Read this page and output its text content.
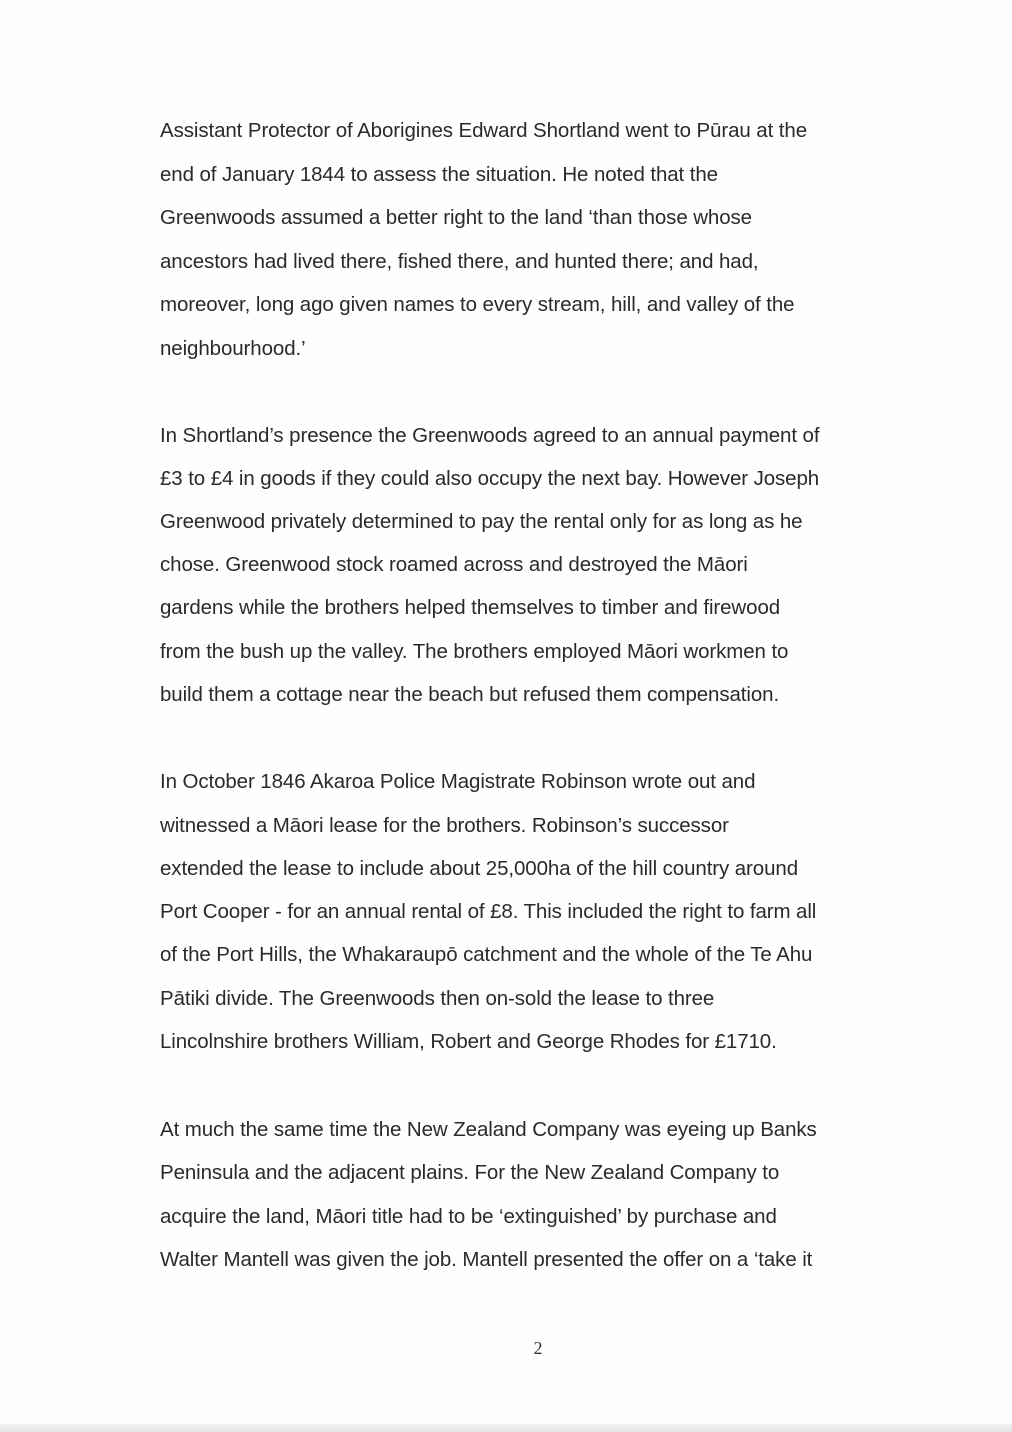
Assistant Protector of Aborigines Edward Shortland went to Pūrau at the

end of January 1844 to assess the situation. He noted that the

Greenwoods assumed a better right to the land ‘than those whose

ancestors had lived there, fished there, and hunted there; and had,

moreover, long ago given names to every stream, hill, and valley of the

neighbourhood.’

In Shortland’s presence the Greenwoods agreed to an annual payment of

£3 to £4 in goods if they could also occupy the next bay. However Joseph

Greenwood privately determined to pay the rental only for as long as he

chose. Greenwood stock roamed across and destroyed the Māori

gardens while the brothers helped themselves to timber and firewood

from the bush up the valley. The brothers employed Māori workmen to

build them a cottage near the beach but refused them compensation.

In October 1846 Akaroa Police Magistrate Robinson wrote out and

witnessed a Māori lease for the brothers. Robinson’s successor

extended the lease to include about 25,000ha of the hill country around

Port Cooper - for an annual rental of £8. This included the right to farm all

of the Port Hills, the Whakaraupō catchment and the whole of the Te Ahu

Pātiki divide. The Greenwoods then on-sold the lease to three

Lincolnshire brothers William, Robert and George Rhodes for £1710.

At much the same time the New Zealand Company was eyeing up Banks

Peninsula and the adjacent plains. For the New Zealand Company to

acquire the land, Māori title had to be ‘extinguished’ by purchase and

Walter Mantell was given the job. Mantell presented the offer on a ‘take it

2
